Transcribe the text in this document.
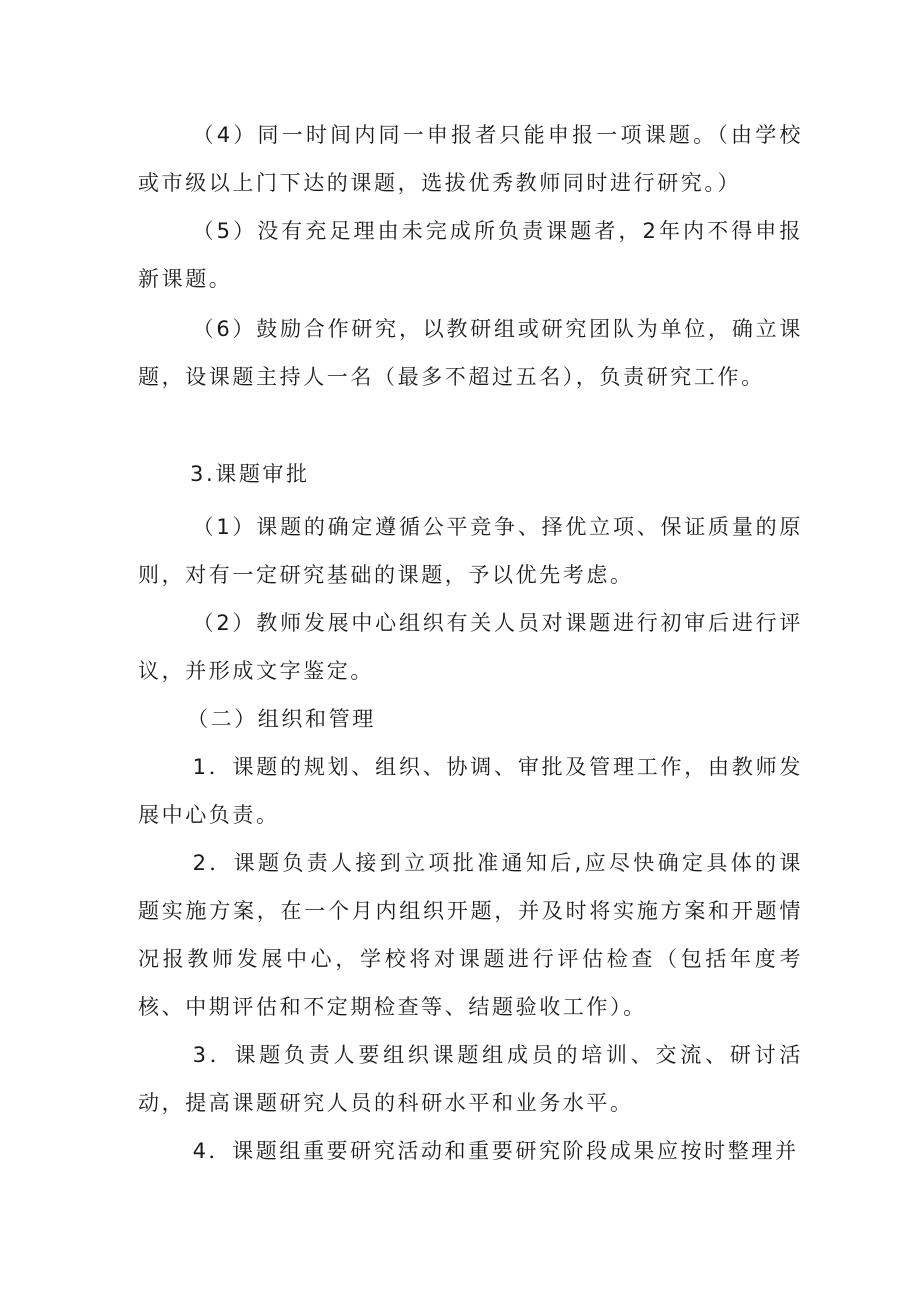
（4）同一时间内同一申报者只能申报一项课题。（由学校或市级以上门下达的课题，选拔优秀教师同时进行研究。）

（5）没有充足理由未完成所负责课题者，2年内不得申报新课题。

（6）鼓励合作研究，以教研组或研究团队为单位，确立课题，设课题主持人一名（最多不超过五名），负责研究工作。

3.课题审批

（1）课题的确定遵循公平竞争、择优立项、保证质量的原则，对有一定研究基础的课题，予以优先考虑。

（2）教师发展中心组织有关人员对课题进行初审后进行评议，并形成文字鉴定。

（二）组织和管理

1．课题的规划、组织、协调、审批及管理工作，由教师发展中心负责。

2．课题负责人接到立项批准通知后,应尽快确定具体的课题实施方案，在一个月内组织开题，并及时将实施方案和开题情况报教师发展中心，学校将对课题进行评估检查（包括年度考核、中期评估和不定期检查等、结题验收工作）。

3．课题负责人要组织课题组成员的培训、交流、研讨活动，提高课题研究人员的科研水平和业务水平。

4．课题组重要研究活动和重要研究阶段成果应按时整理并
